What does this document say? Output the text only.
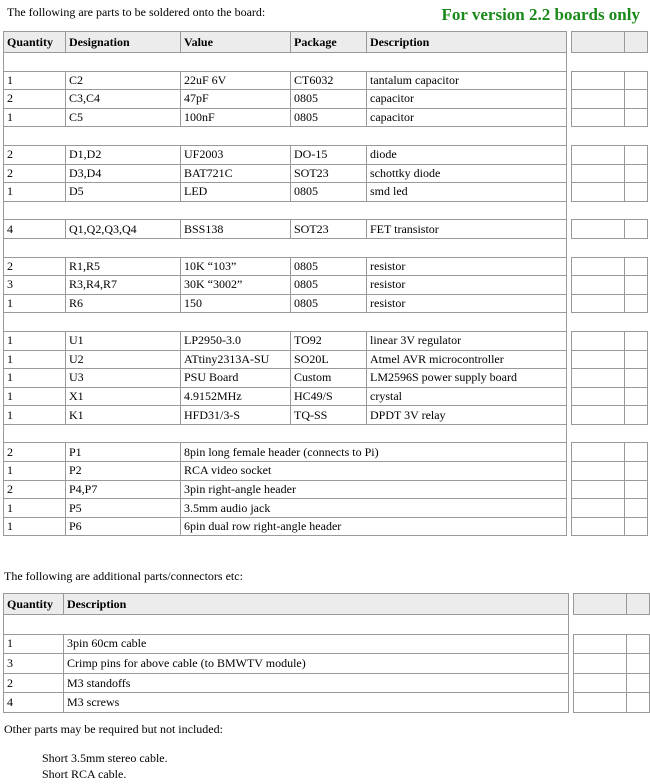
The following are parts to be soldered onto the board:	For version 2.2 boards only
Quantity	Designation	Value	Package	Description			

1	C2	22uF 6V	CT6032	tantalum capacitor			
2	C3,C4	47pF	0805	capacitor			
1	C5	100nF	0805	capacitor			

2	D1,D2	UF2003	DO-15	diode			
2	D3,D4	BAT721C	SOT23	schottky diode			
1	D5	LED	0805	smd led			

4	Q1,Q2,Q3,Q4	BSS138	SOT23	FET transistor			

2	R1,R5	10K “103”	0805	resistor			
3	R3,R4,R7	30K “3002”	0805	resistor			
1	R6	150	0805	resistor			

1	U1	LP2950-3.0	TO92	linear 3V regulator			
1	U2	ATtiny2313A-SU	SO20L	Atmel AVR microcontroller			
1	U3	PSU Board	Custom	LM2596S power supply board			
1	X1	4.9152MHz	HC49/S	crystal			
1	K1	HFD31/3-S	TQ-SS	DPDT 3V relay			

2	P1	8pin long female header (connects to Pi)					
1	P2	RCA video socket					
2	P4,P7	3pin right-angle header					
1	P5	3.5mm audio jack					
1	P6	6pin dual row right-angle header					
The following are additional parts/connectors etc:
Quantity	Description			

1	3pin 60cm cable			
3	Crimp pins for above cable (to BMWTV module)			
2	M3 standoffs			
4	M3 screws			
Other parts may be required but not included:
Short 3.5mm stereo cable.
Short RCA cable.
